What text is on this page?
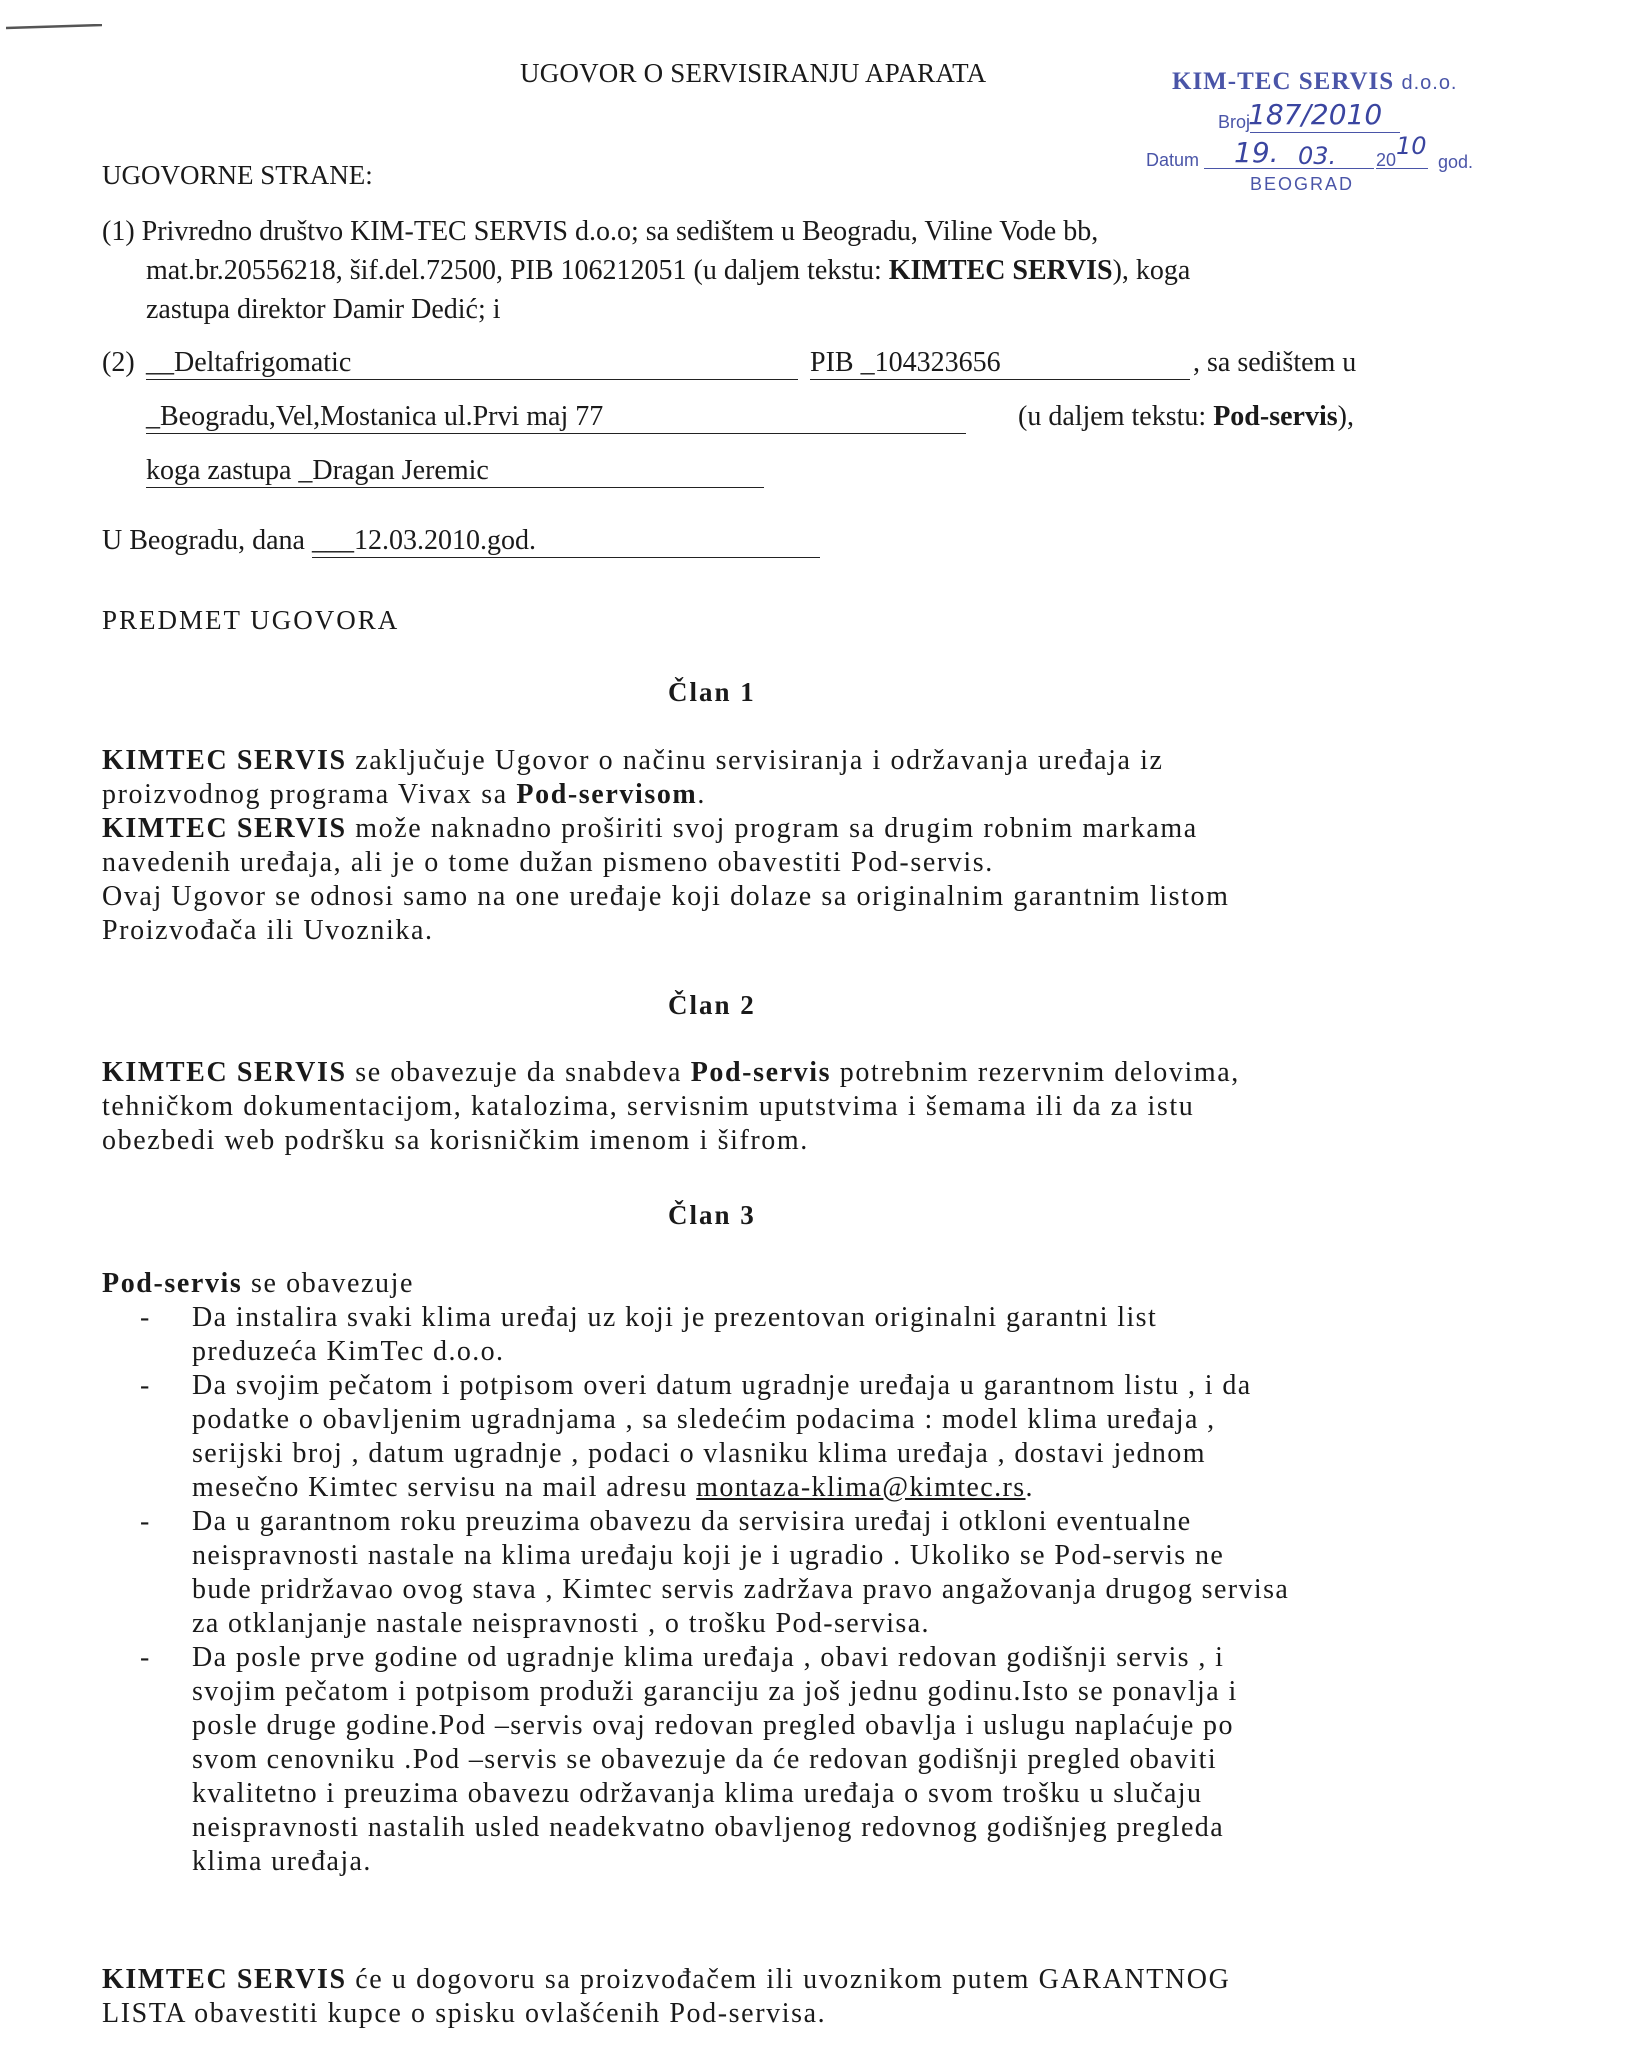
UGOVOR O SERVISIRANJU APARATA	KIM-TEC SERVIS d.o.o.
Broj
187/2010
Datum 19. 03. 20 10
god.
BEOGRAD
UGOVORNE STRANE:
(1) Privredno društvo KIM-TEC SERVIS d.o.o; sa sedištem u Beogradu, Viline Vode bb,
mat.br.20556218, šif.del.72500, PIB 106212051 (u daljem tekstu: KIMTEC SERVIS), koga
zastupa direktor Damir Dedić; i
(2) __Deltafrigomatic	PIB _104323656	, sa sedištem u
_Beogradu,Vel,Mostanica ul.Prvi maj 77	(u daljem tekstu: Pod-servis),
koga zastupa _Dragan Jeremic
U Beogradu, dana ___12.03.2010.god.
PREDMET UGOVORA
Član 1
KIMTEC SERVIS zaključuje Ugovor o načinu servisiranja i održavanja uređaja iz
proizvodnog programa Vivax sa Pod-servisom.
KIMTEC SERVIS može naknadno proširiti svoj program sa drugim robnim markama
navedenih uređaja, ali je o tome dužan pismeno obavestiti Pod-servis.
Ovaj Ugovor se odnosi samo na one uređaje koji dolaze sa originalnim garantnim listom
Proizvođača ili Uvoznika.
Član 2
KIMTEC SERVIS se obavezuje da snabdeva Pod-servis potrebnim rezervnim delovima,
tehničkom dokumentacijom, katalozima, servisnim uputstvima i šemama ili da za istu
obezbedi web podršku sa korisničkim imenom i šifrom.
Član 3
Pod-servis se obavezuje
-	Da instalira svaki klima uređaj uz koji je prezentovan originalni garantni list
preduzeća KimTec d.o.o.
-	Da svojim pečatom i potpisom overi datum ugradnje uređaja u garantnom listu , i da
podatke o obavljenim ugradnjama , sa sledećim podacima : model klima uređaja ,
serijski broj , datum ugradnje , podaci o vlasniku klima uređaja , dostavi jednom
mesečno Kimtec servisu na mail adresu montaza-klima@kimtec.rs.
-	Da u garantnom roku preuzima obavezu da servisira uređaj i otkloni eventualne
neispravnosti nastale na klima uređaju koji je i ugradio . Ukoliko se Pod-servis ne
bude pridržavao ovog stava , Kimtec servis zadržava pravo angažovanja drugog servisa
za otklanjanje nastale neispravnosti , o trošku Pod-servisa.
-	Da posle prve godine od ugradnje klima uređaja , obavi redovan godišnji servis , i
svojim pečatom i potpisom produži garanciju za još jednu godinu.Isto se ponavlja i
posle druge godine.Pod –servis ovaj redovan pregled obavlja i uslugu naplaćuje po
svom cenovniku .Pod –servis se obavezuje da će redovan godišnji pregled obaviti
kvalitetno i preuzima obavezu održavanja klima uređaja o svom trošku u slučaju
neispravnosti nastalih usled neadekvatno obavljenog redovnog godišnjeg pregleda
klima uređaja.
KIMTEC SERVIS će u dogovoru sa proizvođačem ili uvoznikom putem GARANTNOG
LISTA obavestiti kupce o spisku ovlašćenih Pod-servisa.
